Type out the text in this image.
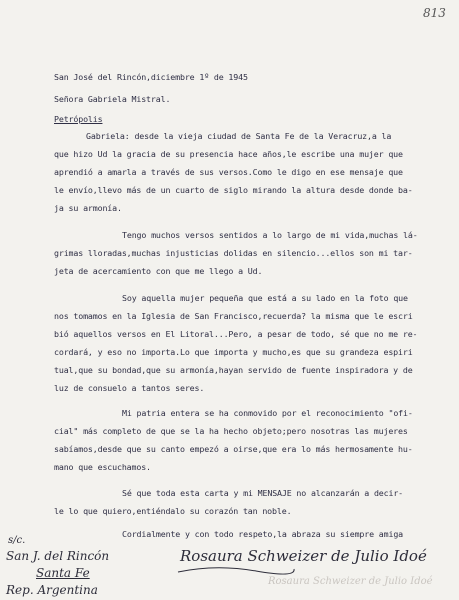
813
San José del Rincón,diciembre 1º de 1945
Señora Gabriela Mistral.
Petrópolis
Gabriela: desde la vieja ciudad de Santa Fe de la Veracruz,a la
que hizo Ud la gracia de su presencia hace años,le escribe una mujer que
aprendió a amarla a través de sus versos.Como le digo en ese mensaje que
le envío,llevo más de un cuarto de siglo mirando la altura desde donde ba-
ja su armonía.
Tengo muchos versos sentidos a lo largo de mi vida,muchas lá-
grimas lloradas,muchas injusticias dolidas en silencio...ellos son mi tar-
jeta de acercamiento con que me llego a Ud.
Soy aquella mujer pequeña que está a su lado en la foto que
nos tomamos en la Iglesia de San Francisco,recuerda? la misma que le escri
bió aquellos versos en El Litoral...Pero, a pesar de todo, sé que no me re-
cordará, y eso no importa.Lo que importa y mucho,es que su grandeza espiri
tual,que su bondad,que su armonía,hayan servido de fuente inspiradora y de
luz de consuelo a tantos seres.
Mi patria entera se ha conmovido por el reconocimiento "ofi-
cial" más completo de que se la ha hecho objeto;pero nosotras las mujeres
sabíamos,desde que su canto empezó a oirse,que era lo más hermosamente hu-
mano que escuchamos.
Sé que toda esta carta y mi MENSAJE no alcanzarán a decir-
le lo que quiero,entiéndalo su corazón tan noble.
Cordialmente y con todo respeto,la abraza su siempre amiga
s/c.
San J. del Rincón
Santa Fe
Rep. Argentina
Rosaura Schweizer de Julio Idoé
Rosaura Schweizer de Julio Idoé
